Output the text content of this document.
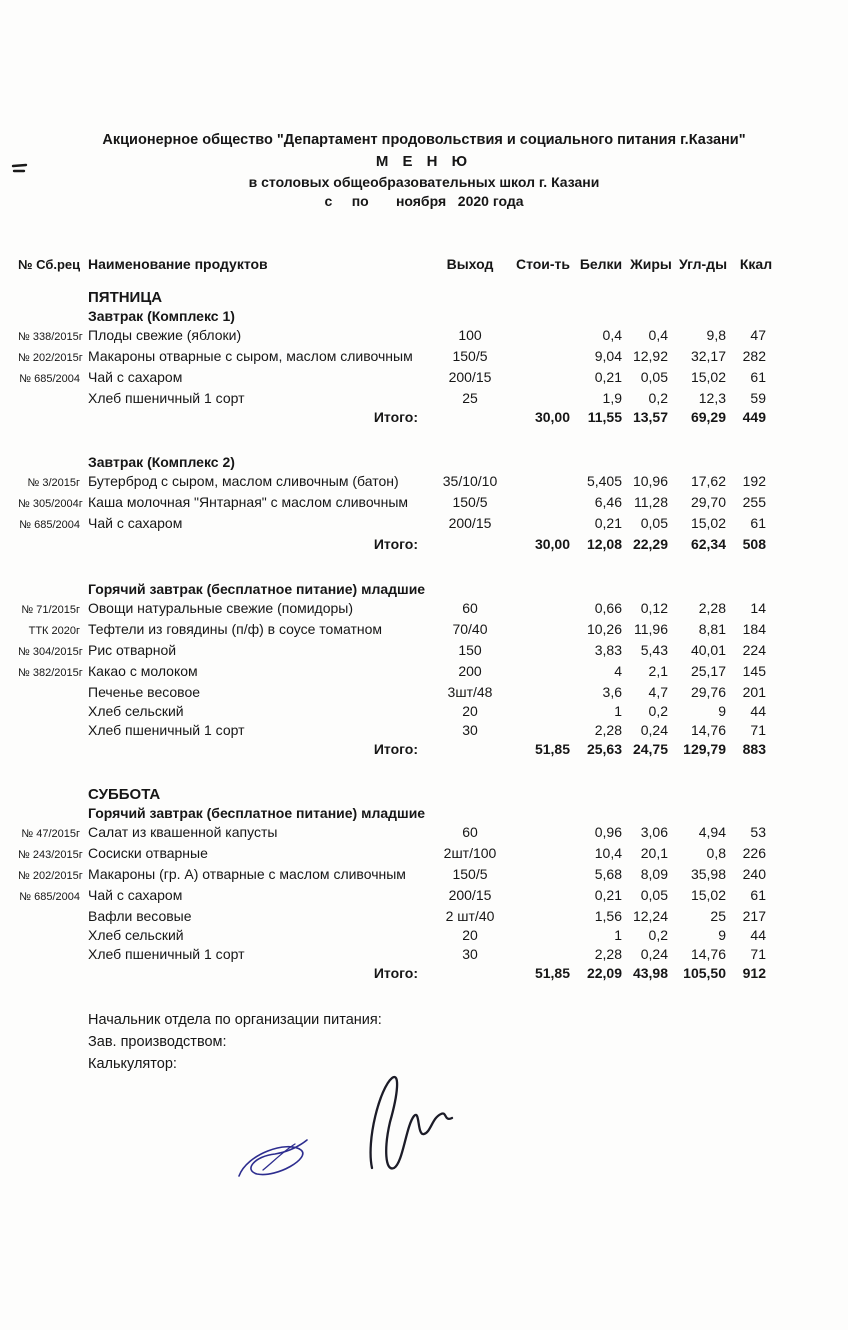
Акционерное общество "Департамент продовольствия и социального питания г.Казани"
М Е Н Ю
в столовых общеобразовательных школ г. Казани
с     по       ноября   2020 года
№ Сб.рец Наименование продуктов	Выход	Стои-ть Белки Жиры Угл-ды Ккал
ПЯТНИЦА
Завтрак (Комплекс 1)
№ 338/2015г Плоды свежие (яблоки)	100	0,4	0,4	9,8	47
№ 202/2015г Макароны отварные с сыром, маслом сливочным	150/5	9,04 12,92	32,17	282
№ 685/2004 Чай с сахаром	200/15	0,21	0,05	15,02	61
Хлеб пшеничный 1 сорт	25	1,9	0,2	12,3	59
Итого:	30,00	11,55 13,57	69,29	449
Завтрак (Комплекс 2)
№ 3/2015г Бутерброд с сыром, маслом сливочным (батон)	35/10/10	5,405 10,96	17,62	192
№ 305/2004г Каша молочная "Янтарная" с маслом сливочным	150/5	6,46 11,28	29,70	255
№ 685/2004 Чай с сахаром	200/15	0,21	0,05	15,02	61
Итого:	30,00	12,08 22,29	62,34	508
Горячий завтрак (бесплатное питание) младшие
№ 71/2015г Овощи натуральные свежие (помидоры)	60	0,66	0,12	2,28	14
ТТК 2020г Тефтели из говядины (п/ф) в соусе томатном	70/40	10,26 11,96	8,81	184
№ 304/2015г Рис отварной	150	3,83	5,43	40,01	224
№ 382/2015г Какао с молоком	200	4	2,1	25,17	145
Печенье весовое	3шт/48	3,6	4,7	29,76	201
Хлеб сельский	20	1	0,2	9	44
Хлеб пшеничный 1 сорт	30	2,28	0,24	14,76	71
Итого:	51,85	25,63 24,75	129,79	883
СУББОТА
Горячий завтрак (бесплатное питание) младшие
№ 47/2015г Салат из квашенной капусты	60	0,96	3,06	4,94	53
№ 243/2015г Сосиски отварные	2шт/100	10,4	20,1	0,8	226
№ 202/2015г Макароны (гр. А) отварные с маслом сливочным	150/5	5,68	8,09	35,98	240
№ 685/2004 Чай с сахаром	200/15	0,21	0,05	15,02	61
Вафли весовые	2 шт/40	1,56 12,24	25	217
Хлеб сельский	20	1	0,2	9	44
Хлеб пшеничный 1 сорт	30	2,28	0,24	14,76	71
Итого:	51,85	22,09 43,98	105,50	912
Начальник отдела по организации питания:
Зав. производством:
Калькулятор:
